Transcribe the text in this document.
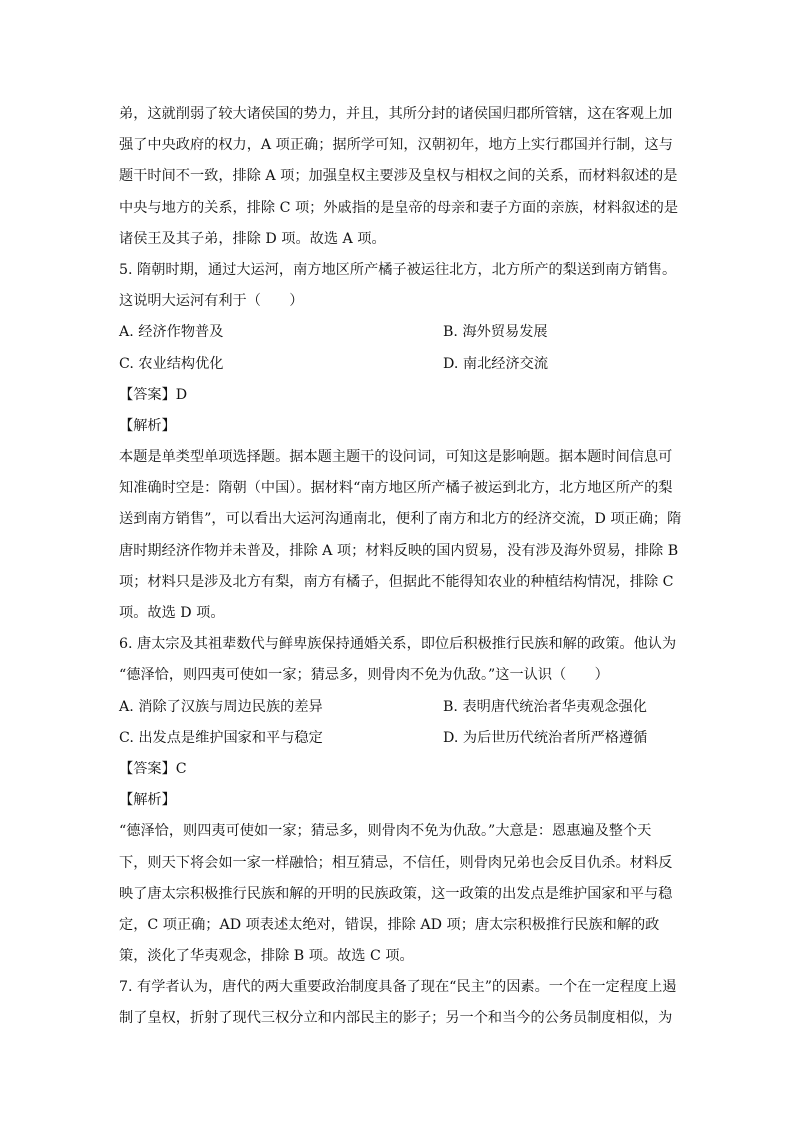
弟，这就削弱了较大诸侯国的势力，并且，其所分封的诸侯国归郡所管辖，这在客观上加
强了中央政府的权力，A 项正确；据所学可知，汉朝初年，地方上实行郡国并行制，这与
题干时间不一致，排除 A 项；加强皇权主要涉及皇权与相权之间的关系，而材料叙述的是
中央与地方的关系，排除 C 项；外戚指的是皇帝的母亲和妻子方面的亲族，材料叙述的是
诸侯王及其子弟，排除 D 项。故选 A 项。
5. 隋朝时期，通过大运河，南方地区所产橘子被运往北方，北方所产的梨送到南方销售。
这说明大运河有利于（　　）
A. 经济作物普及	B. 海外贸易发展
C. 农业结构优化	D. 南北经济交流
【答案】D
【解析】
本题是单类型单项选择题。据本题主题干的设问词，可知这是影响题。据本题时间信息可
知准确时空是：隋朝（中国）。据材料“南方地区所产橘子被运到北方，北方地区所产的梨
送到南方销售”，可以看出大运河沟通南北，便利了南方和北方的经济交流，D 项正确；隋
唐时期经济作物并未普及，排除 A 项；材料反映的国内贸易，没有涉及海外贸易，排除 B
项；材料只是涉及北方有梨，南方有橘子，但据此不能得知农业的种植结构情况，排除 C
项。故选 D 项。
6. 唐太宗及其祖辈数代与鲜卑族保持通婚关系，即位后积极推行民族和解的政策。他认为
“德泽恰，则四夷可使如一家；猜忌多，则骨肉不免为仇敌。”这一认识（　　）
A. 消除了汉族与周边民族的差异	B. 表明唐代统治者华夷观念强化
C. 出发点是维护国家和平与稳定	D. 为后世历代统治者所严格遵循
【答案】C
【解析】
“德泽恰，则四夷可使如一家；猜忌多，则骨肉不免为仇敌。”大意是：恩惠遍及整个天
下，则天下将会如一家一样融恰；相互猜忌，不信任，则骨肉兄弟也会反目仇杀。材料反
映了唐太宗积极推行民族和解的开明的民族政策，这一政策的出发点是维护国家和平与稳
定，C 项正确；AD 项表述太绝对，错误，排除 AD 项；唐太宗积极推行民族和解的政
策，淡化了华夷观念，排除 B 项。故选 C 项。
7. 有学者认为，唐代的两大重要政治制度具备了现在“民主”的因素。一个在一定程度上遏
制了皇权，折射了现代三权分立和内部民主的影子；另一个和当今的公务员制度相似，为
